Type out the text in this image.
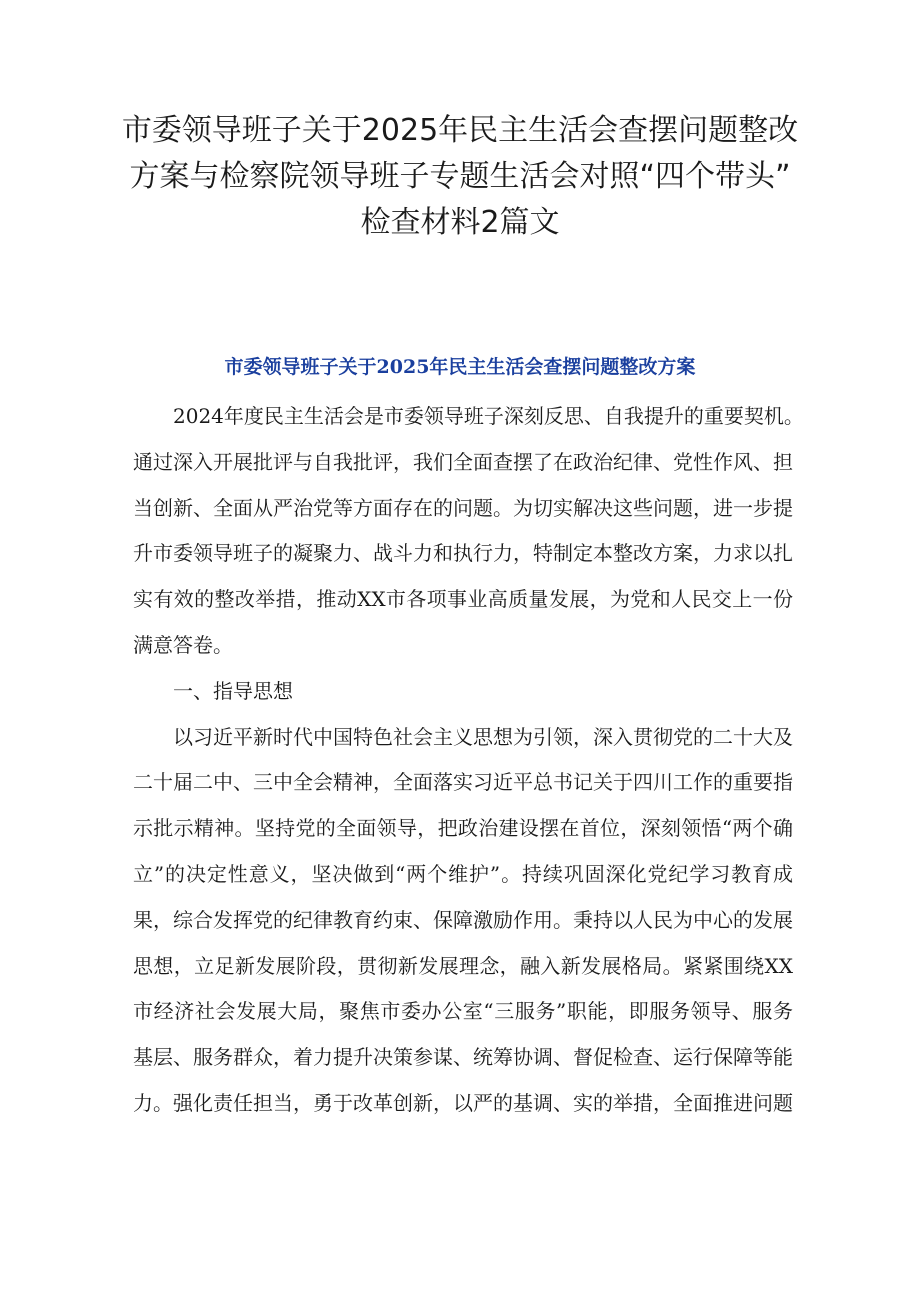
市委领导班子关于2025年民主生活会查摆问题整改
方案与检察院领导班子专题生活会对照“四个带头”
检查材料2篇文
市委领导班子关于2025年民主生活会查摆问题整改方案

　　2024年度民主生活会是市委领导班子深刻反思、自我提升的重要契机。
通过深入开展批评与自我批评，我们全面查摆了在政治纪律、党性作风、担
当创新、全面从严治党等方面存在的问题。为切实解决这些问题，进一步提
升市委领导班子的凝聚力、战斗力和执行力，特制定本整改方案，力求以扎
实有效的整改举措，推动XX市各项事业高质量发展，为党和人民交上一份
满意答卷。

一、指导思想

　　以习近平新时代中国特色社会主义思想为引领，深入贯彻党的二十大及
二十届二中、三中全会精神，全面落实习近平总书记关于四川工作的重要指
示批示精神。坚持党的全面领导，把政治建设摆在首位，深刻领悟“两个确
立”的决定性意义，坚决做到“两个维护”。持续巩固深化党纪学习教育成
果，综合发挥党的纪律教育约束、保障激励作用。秉持以人民为中心的发展
思想，立足新发展阶段，贯彻新发展理念，融入新发展格局。紧紧围绕XX
市经济社会发展大局，聚焦市委办公室“三服务”职能，即服务领导、服务
基层、服务群众，着力提升决策参谋、统筹协调、督促检查、运行保障等能
力。强化责任担当，勇于改革创新，以严的基调、实的举措，全面推进问题
